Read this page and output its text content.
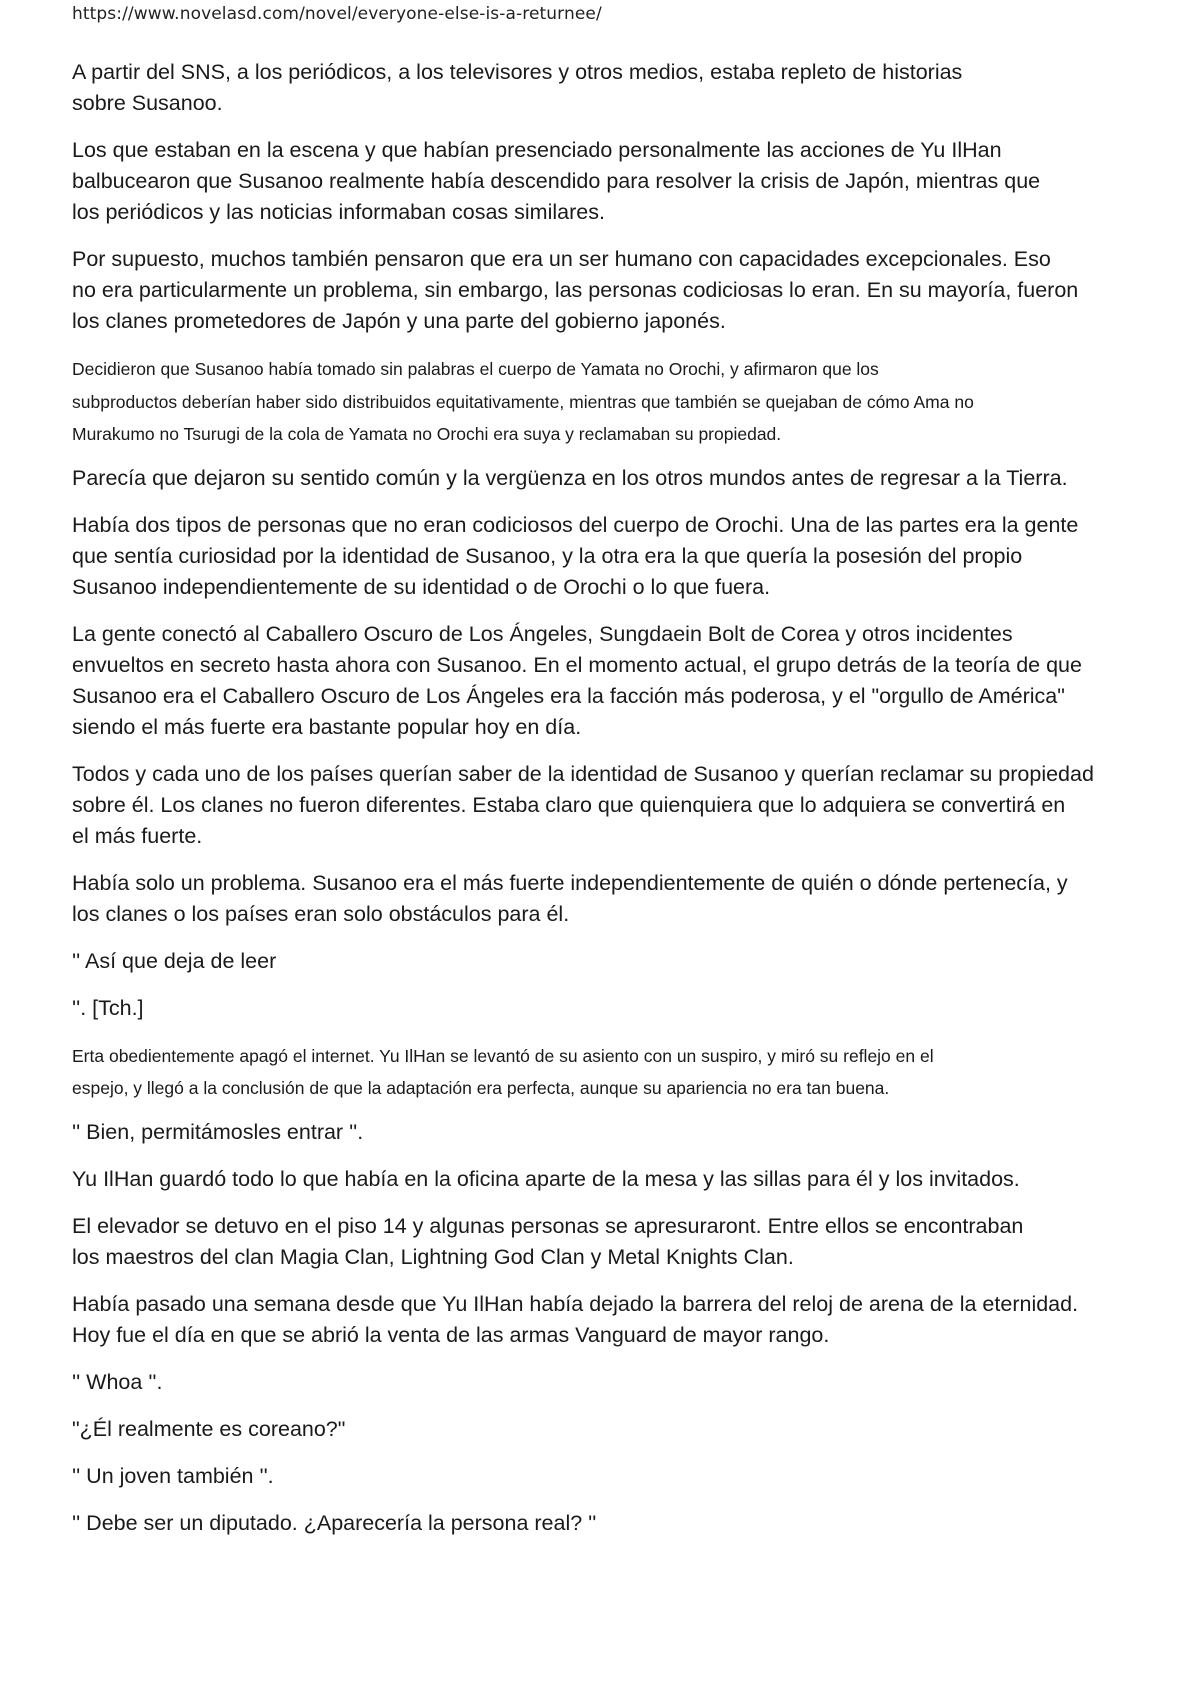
https://www.novelasd.com/novel/everyone-else-is-a-returnee/
A partir del SNS, a los periódicos, a los televisores y otros medios, estaba repleto de historias
sobre Susanoo.
Los que estaban en la escena y que habían presenciado personalmente las acciones de Yu IlHan
balbucearon que Susanoo realmente había descendido para resolver la crisis de Japón, mientras que
los periódicos y las noticias informaban cosas similares.
Por supuesto, muchos también pensaron que era un ser humano con capacidades excepcionales. Eso
no era particularmente un problema, sin embargo, las personas codiciosas lo eran. En su mayoría, fueron
los clanes prometedores de Japón y una parte del gobierno japonés.
Decidieron que Susanoo había tomado sin palabras el cuerpo de Yamata no Orochi, y afirmaron que los
subproductos deberían haber sido distribuidos equitativamente, mientras que también se quejaban de cómo Ama no
Murakumo no Tsurugi de la cola de Yamata no Orochi era suya y reclamaban su propiedad.
Parecía que dejaron su sentido común y la vergüenza en los otros mundos antes de regresar a la Tierra.
Había dos tipos de personas que no eran codiciosos del cuerpo de Orochi. Una de las partes era la gente
que sentía curiosidad por la identidad de Susanoo, y la otra era la que quería la posesión del propio
Susanoo independientemente de su identidad o de Orochi o lo que fuera.
La gente conectó al Caballero Oscuro de Los Ángeles, Sungdaein Bolt de Corea y otros incidentes
envueltos en secreto hasta ahora con Susanoo. En el momento actual, el grupo detrás de la teoría de que
Susanoo era el Caballero Oscuro de Los Ángeles era la facción más poderosa, y el "orgullo de América"
siendo el más fuerte era bastante popular hoy en día.
Todos y cada uno de los países querían saber de la identidad de Susanoo y querían reclamar su propiedad
sobre él. Los clanes no fueron diferentes. Estaba claro que quienquiera que lo adquiera se convertirá en
el más fuerte.
Había solo un problema. Susanoo era el más fuerte independientemente de quién o dónde pertenecía, y
los clanes o los países eran solo obstáculos para él.
'' Así que deja de leer
''. [Tch.]
Erta obedientemente apagó el internet. Yu IlHan se levantó de su asiento con un suspiro, y miró su reflejo en el
espejo, y llegó a la conclusión de que la adaptación era perfecta, aunque su apariencia no era tan buena.
'' Bien, permitámosles entrar ''.
Yu IlHan guardó todo lo que había en la oficina aparte de la mesa y las sillas para él y los invitados.
El elevador se detuvo en el piso 14 y algunas personas se apresuraront. Entre ellos se encontraban
los maestros del clan Magia Clan, Lightning God Clan y Metal Knights Clan.
Había pasado una semana desde que Yu IlHan había dejado la barrera del reloj de arena de la eternidad.
Hoy fue el día en que se abrió la venta de las armas Vanguard de mayor rango.
'' Whoa ''.
"¿Él realmente es coreano?"
'' Un joven también ''.
'' Debe ser un diputado. ¿Aparecería la persona real? ''
